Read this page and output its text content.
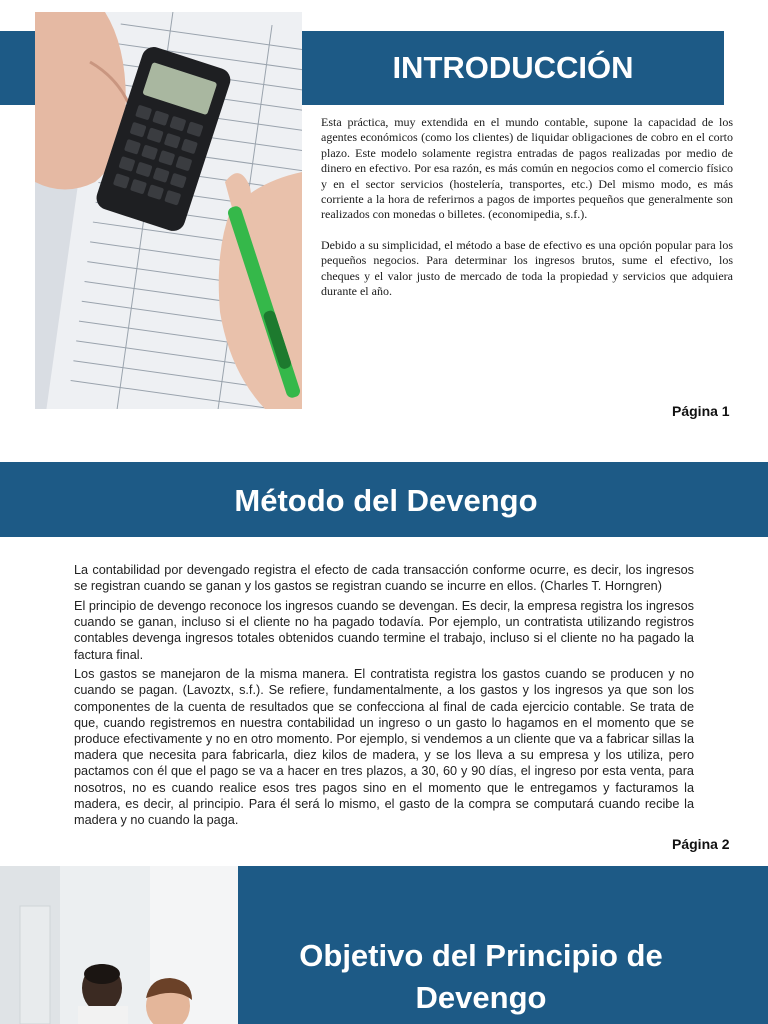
INTRODUCCIÓN

Esta práctica, muy extendida en el mundo contable, supone la capacidad de los agentes económicos (como los clientes) de liquidar obligaciones de cobro en el corto plazo. Este modelo solamente registra entradas de pagos realizadas por medio de dinero en efectivo. Por esa razón, es más común en negocios como el comercio físico y en el sector servicios (hostelería, transportes, etc.) Del mismo modo, es más corriente a la hora de referirnos a pagos de importes pequeños que generalmente son realizados con monedas o billetes. (economipedia, s.f.).

Debido a su simplicidad, el método a base de efectivo es una opción popular para los pequeños negocios. Para determinar los ingresos brutos, sume el efectivo, los cheques y el valor justo de mercado de toda la propiedad y servicios que adquiera durante el año.

Página 1
Método del Devengo

La contabilidad por devengado registra el efecto de cada transacción conforme ocurre, es decir, los ingresos se registran cuando se ganan y los gastos se registran cuando se incurre en ellos. (Charles T. Horngren)

El principio de devengo reconoce los ingresos cuando se devengan. Es decir, la empresa registra los ingresos cuando se ganan, incluso si el cliente no ha pagado todavía. Por ejemplo, un contratista utilizando registros contables devenga ingresos totales obtenidos cuando termine el trabajo, incluso si el cliente no ha pagado la factura final.

Los gastos se manejaron de la misma manera. El contratista registra los gastos cuando se producen y no cuando se pagan. (Lavoztx, s.f.). Se refiere, fundamentalmente, a los gastos y los ingresos ya que son los componentes de la cuenta de resultados que se confecciona al final de cada ejercicio contable. Se trata de que, cuando registremos en nuestra contabilidad un ingreso o un gasto lo hagamos en el momento que se produce efectivamente y no en otro momento. Por ejemplo, si vendemos a un cliente que va a fabricar sillas la madera que necesita para fabricarla, diez kilos de madera, y se los lleva a su empresa y los utiliza, pero pactamos con él que el pago se va a hacer en tres plazos, a 30, 60 y 90 días, el ingreso por esta venta, para nosotros, no es cuando realice esos tres pagos sino en el momento que le entregamos y facturamos la madera, es decir, al principio. Para él será lo mismo, el gasto de la compra se computará cuando recibe la madera y no cuando la paga.

Página 2
Objetivo del Principio de Devengo
